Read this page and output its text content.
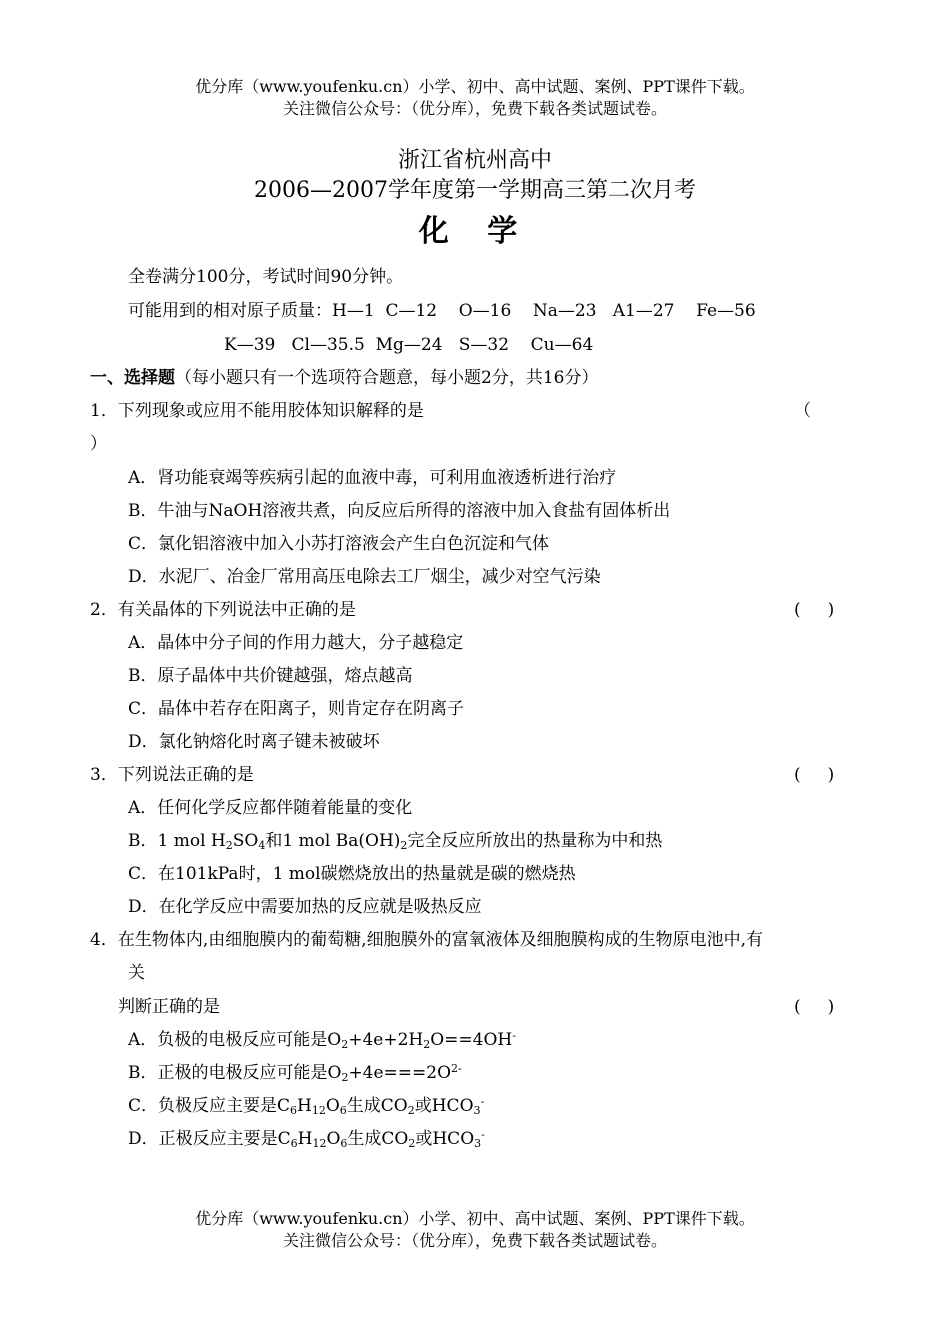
优分库（www.youfenku.cn）小学、初中、高中试题、案例、PPT课件下载。
关注微信公众号：（优分库），免费下载各类试题试卷。
浙江省杭州高中
2006—2007学年度第一学期高三第二次月考
化 学
全卷满分100分，考试时间90分钟。
可能用到的相对原子质量：H—1  C—12    O—16    Na—23   A1—27    Fe—56
K—39   Cl—35.5  Mg—24   S—32    Cu—64
一、选择题（每小题只有一个选项符合题意，每小题2分，共16分）
1．下列现象或应用不能用胶体知识解释的是	（
）
A．肾功能衰竭等疾病引起的血液中毒，可利用血液透析进行治疗
B．牛油与NaOH溶液共煮，向反应后所得的溶液中加入食盐有固体析出
C．氯化铝溶液中加入小苏打溶液会产生白色沉淀和气体
D．水泥厂、冶金厂常用高压电除去工厂烟尘，减少对空气污染
2．有关晶体的下列说法中正确的是	(     )
A．晶体中分子间的作用力越大，分子越稳定
B．原子晶体中共价键越强，熔点越高
C．晶体中若存在阳离子，则肯定存在阴离子
D．氯化钠熔化时离子键未被破坏
3．下列说法正确的是	(     )
A．任何化学反应都伴随着能量的变化
B．1 mol $H_2SO_4$和1 mol $Ba(OH)_2$完全反应所放出的热量称为中和热
C．在101kPa时，1 mol碳燃烧放出的热量就是碳的燃烧热
D．在化学反应中需要加热的反应就是吸热反应
4．在生物体内,由细胞膜内的葡萄糖,细胞膜外的富氧液体及细胞膜构成的生物原电池中,有
关
判断正确的是	(     )
A．负极的电极反应可能是$O_2+4e+2H_2O==4OH^-$
B．正极的电极反应可能是$O_2+4e===2O^{2-}$
C．负极反应主要是$C_6H_{12}O_6$生成$CO_2$或$HCO_3^-$
D．正极反应主要是$C_6H_{12}O_6$生成$CO_2$或$HCO_3^-$
优分库（www.youfenku.cn）小学、初中、高中试题、案例、PPT课件下载。
关注微信公众号：（优分库），免费下载各类试题试卷。
